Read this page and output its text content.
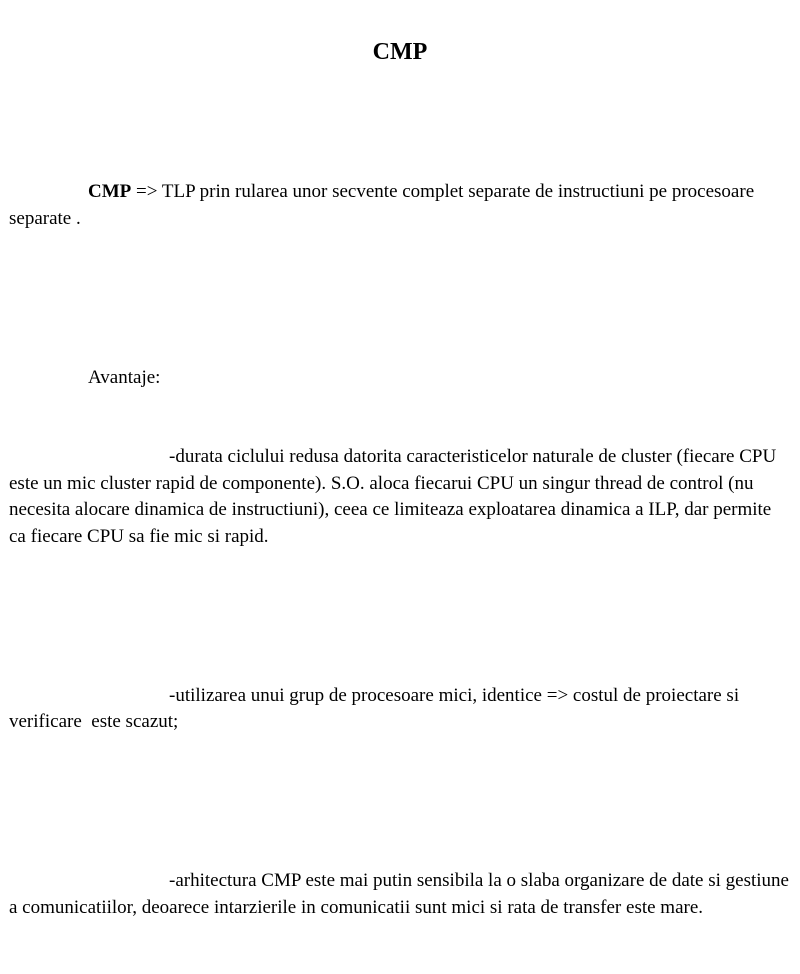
CMP

CMP => TLP prin rularea unor secvente complet separate de instructiuni pe procesoare separate .

Avantaje:

-durata ciclului redusa datorita caracteristicelor naturale de cluster (fiecare CPU este un mic cluster rapid de componente). S.O. aloca fiecarui CPU un singur thread de control (nu necesita alocare dinamica de instructiuni), ceea ce limiteaza exploatarea dinamica a ILP, dar permite ca fiecare CPU sa fie mic si rapid.

-utilizarea unui grup de procesoare mici, identice => costul de proiectare si verificare  este scazut;

-arhitectura CMP este mai putin sensibila la o slaba organizare de date si gestiune a comunicatiilor, deoarece intarzierile in comunicatii sunt mici si rata de transfer este mare.
